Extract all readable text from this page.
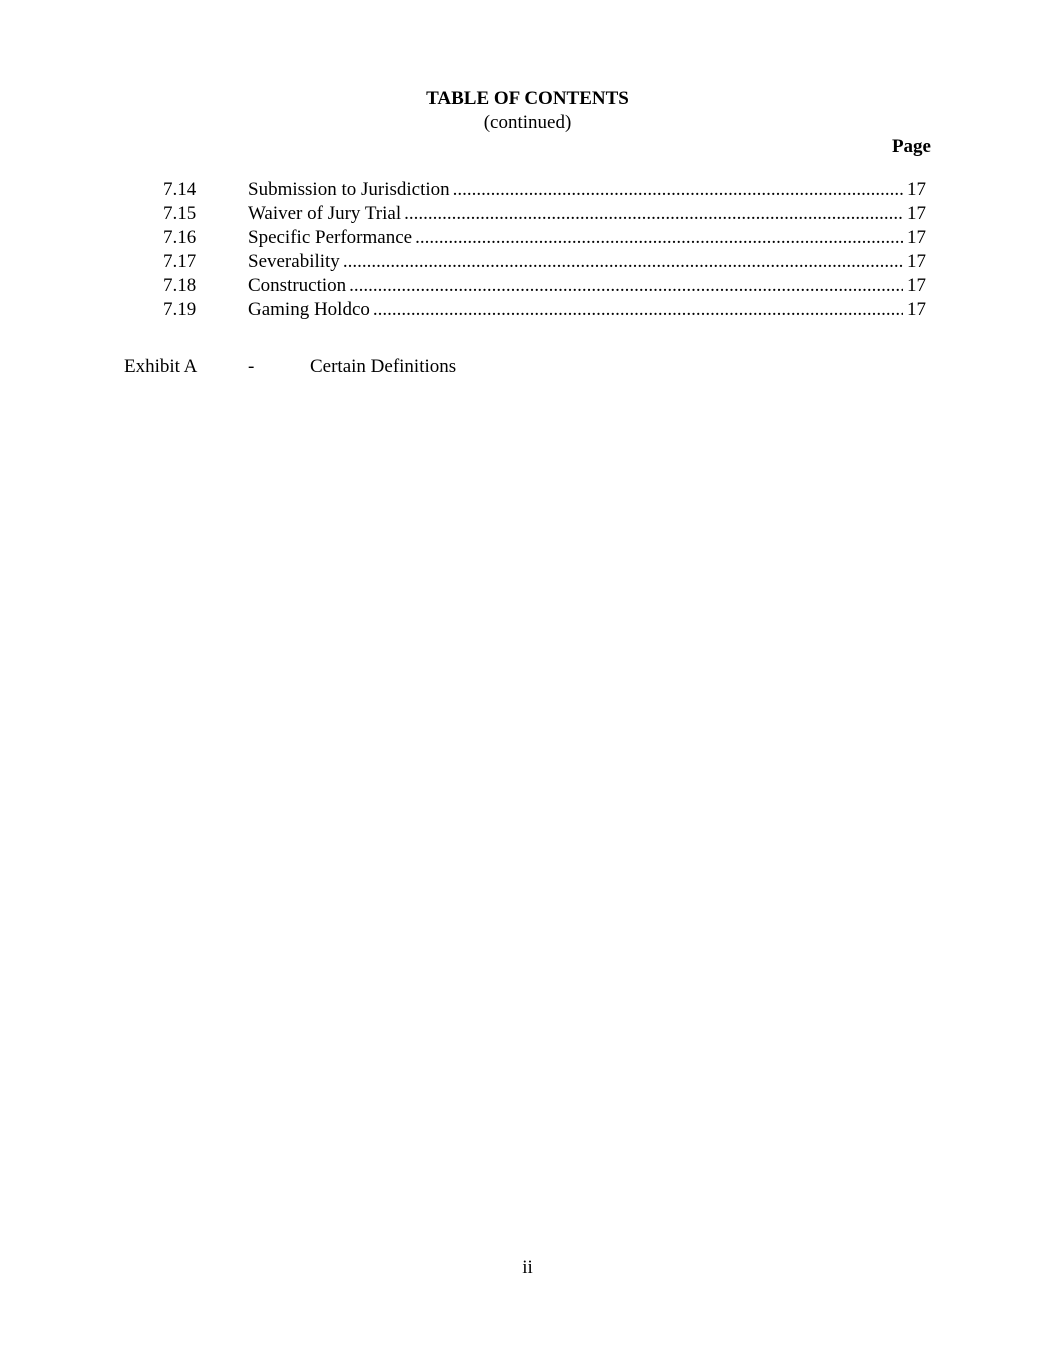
TABLE OF CONTENTS
(continued)
Page
7.14	Submission to Jurisdiction .....	17
7.15	Waiver of Jury Trial .....	17
7.16	Specific Performance .....	17
7.17	Severability .....	17
7.18	Construction .....	17
7.19	Gaming Holdco .....	17
Exhibit A	-	Certain Definitions
ii
